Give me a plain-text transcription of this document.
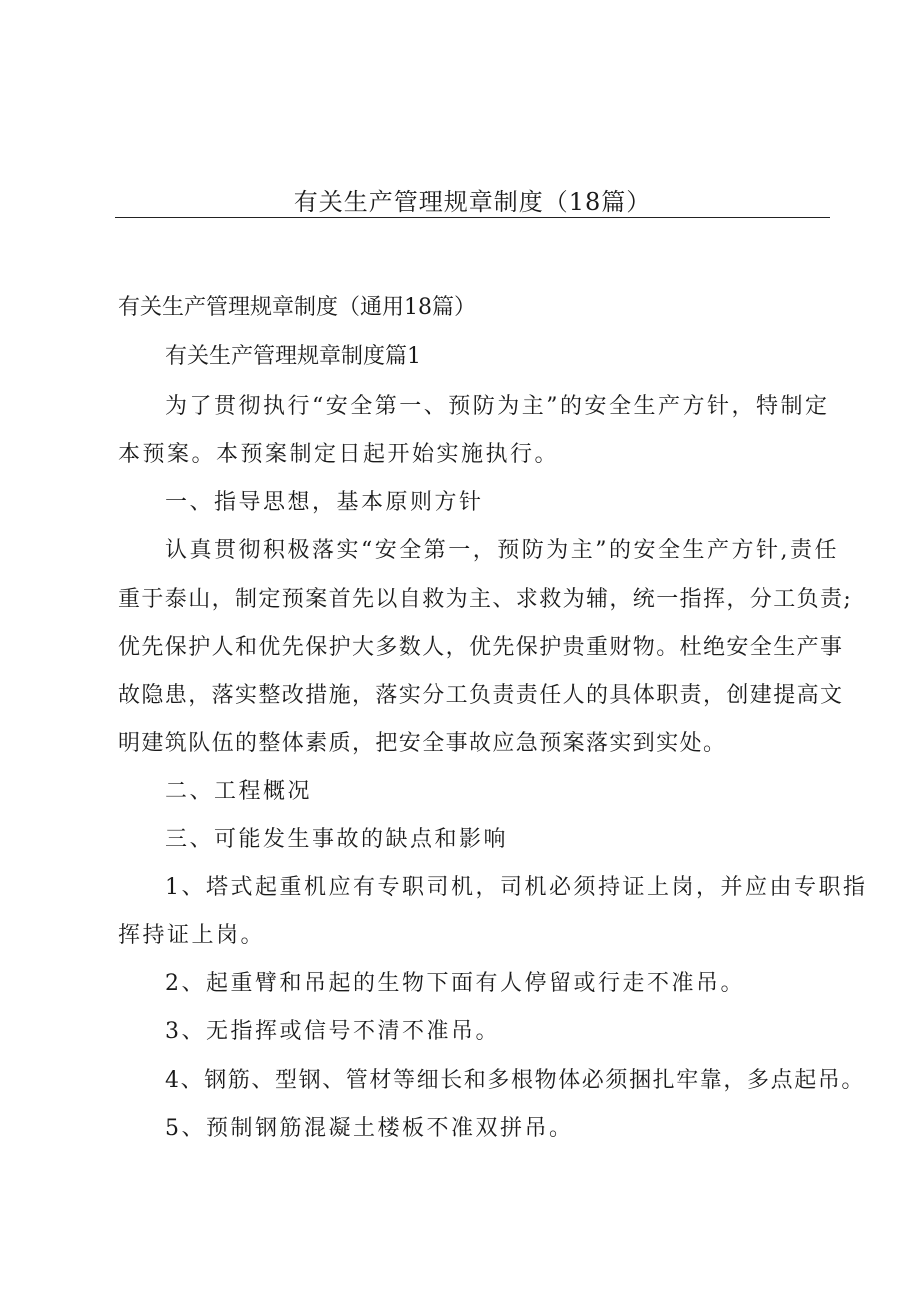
有关生产管理规章制度（18篇）
有关生产管理规章制度（通用18篇）
有关生产管理规章制度篇1
为了贯彻执行“安全第一、预防为主”的安全生产方针，特制定
本预案。本预案制定日起开始实施执行。
一、指导思想，基本原则方针
认真贯彻积极落实“安全第一，预防为主”的安全生产方针,责任
重于泰山，制定预案首先以自救为主、求救为辅，统一指挥，分工负责;
优先保护人和优先保护大多数人，优先保护贵重财物。杜绝安全生产事
故隐患，落实整改措施，落实分工负责责任人的具体职责，创建提高文
明建筑队伍的整体素质，把安全事故应急预案落实到实处。
二、工程概况
三、可能发生事故的缺点和影响
1、塔式起重机应有专职司机，司机必须持证上岗，并应由专职指
挥持证上岗。
2、起重臂和吊起的生物下面有人停留或行走不准吊。
3、无指挥或信号不清不准吊。
4、钢筋、型钢、管材等细长和多根物体必须捆扎牢靠，多点起吊。
5、预制钢筋混凝土楼板不准双拼吊。
